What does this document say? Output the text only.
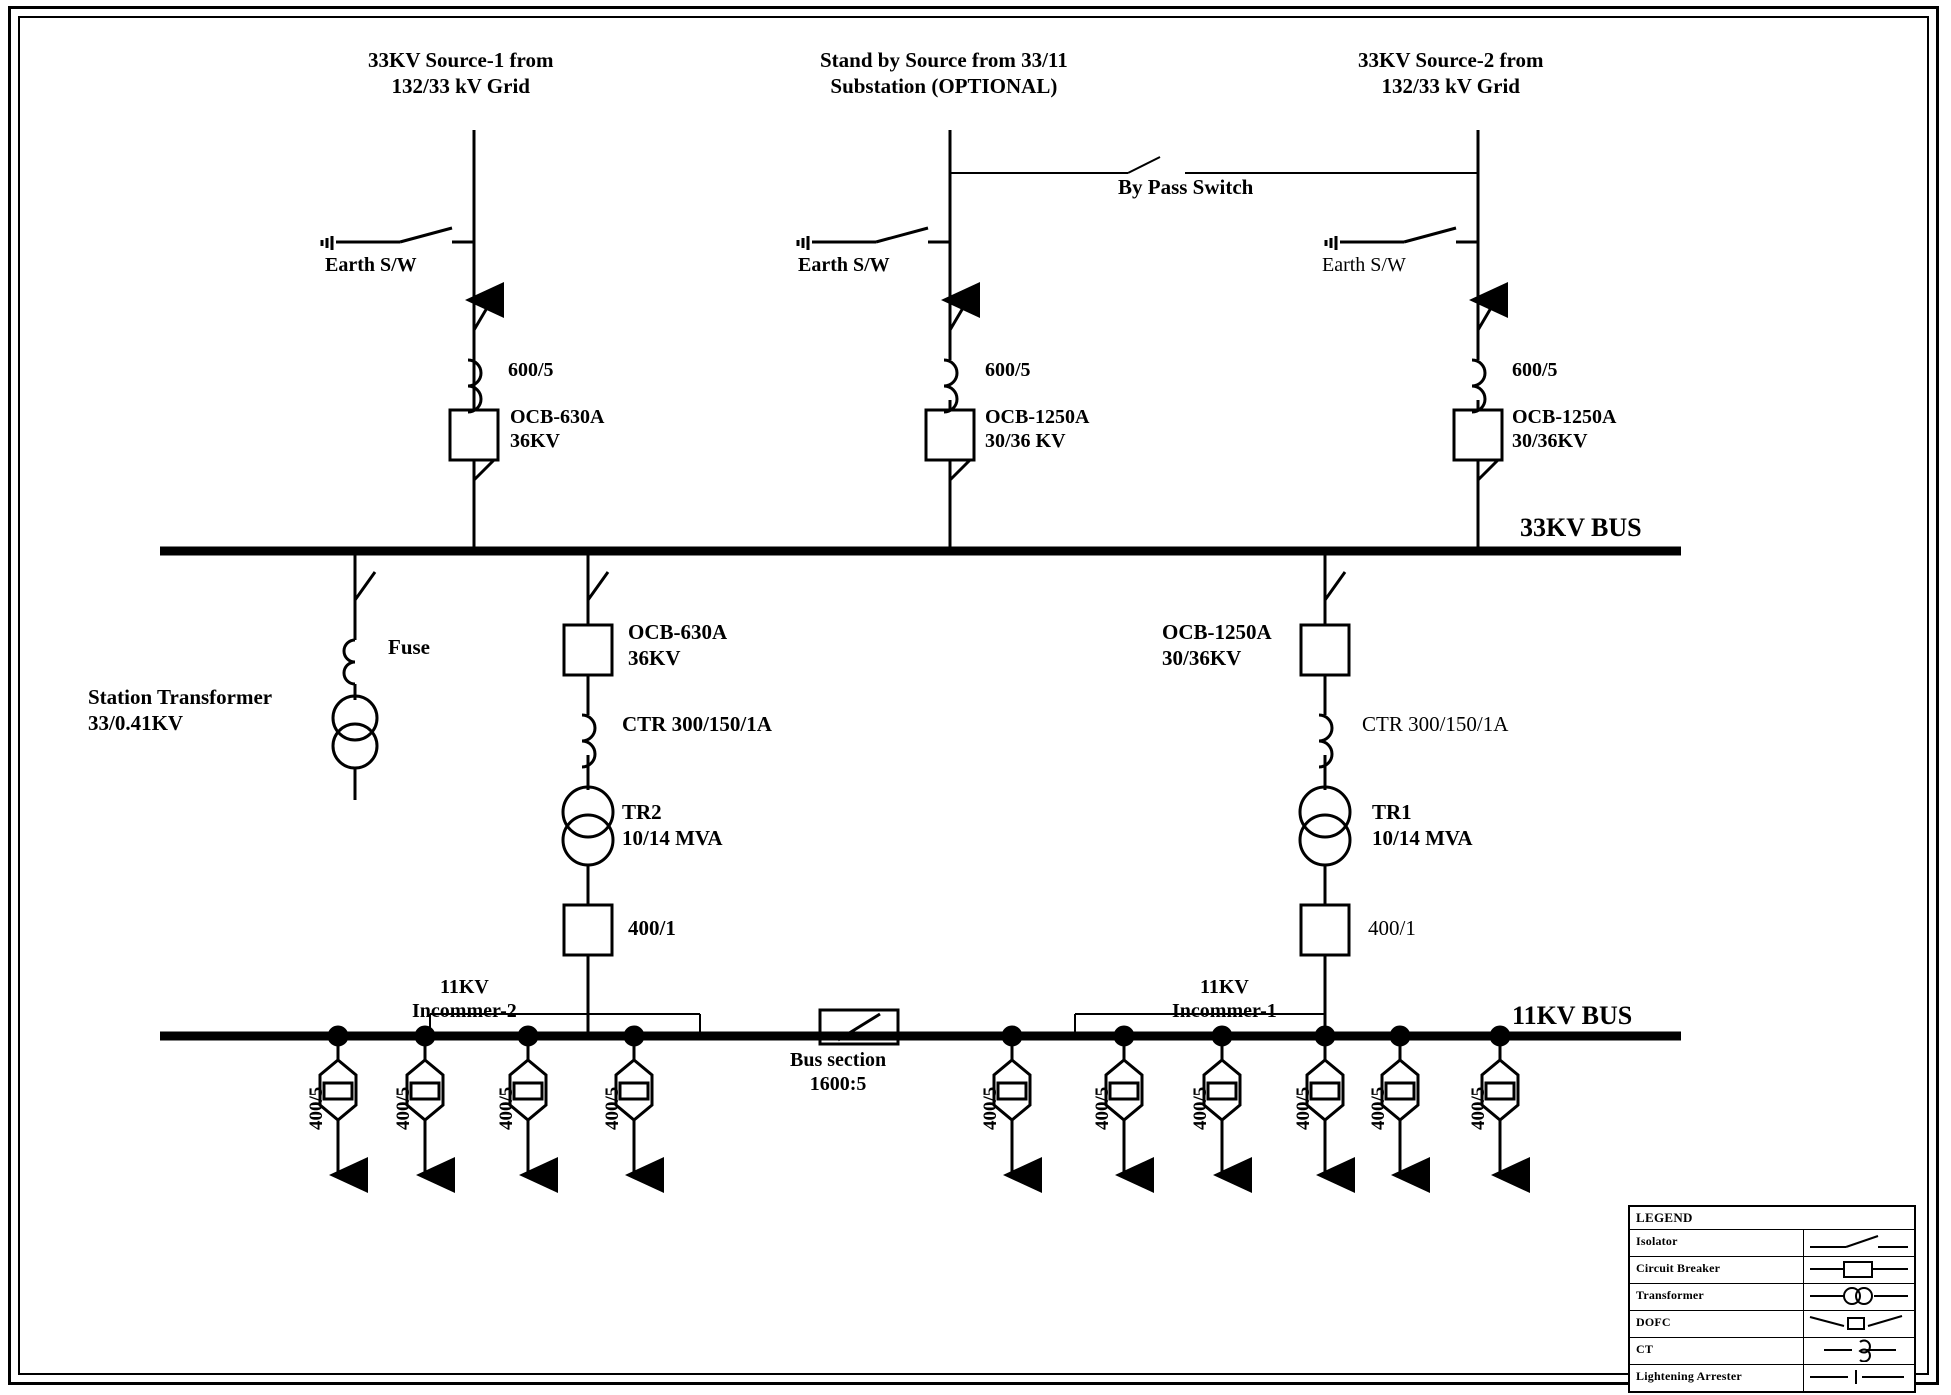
33KV Source-1 from
132/33 kV Grid
Stand by Source from 33/11
Substation (OPTIONAL)
33KV Source-2 from
132/33 kV Grid
By Pass Switch
Earth S/W	Earth S/W	Earth S/W
600/5	600/5	600/5
OCB-630A
36KV
OCB-1250A
30/36 KV
OCB-1250A
30/36KV
33KV BUS
Fuse
Station Transformer
33/0.41KV
OCB-630A
36KV
CTR 300/150/1A
TR2
10/14 MVA
400/1
11KV
Incommer-2
OCB-1250A
30/36KV
CTR 300/150/1A
TR1
10/14 MVA
400/1
11KV
Incommer-1
Bus section
1600:5
11KV BUS
400/5	400/5	400/5	400/5	400/5	400/5	400/5	400/5	400/5	400/5
LEGEND
Isolator
Circuit Breaker
Transformer
DOFC
CT
Lightening Arrester
